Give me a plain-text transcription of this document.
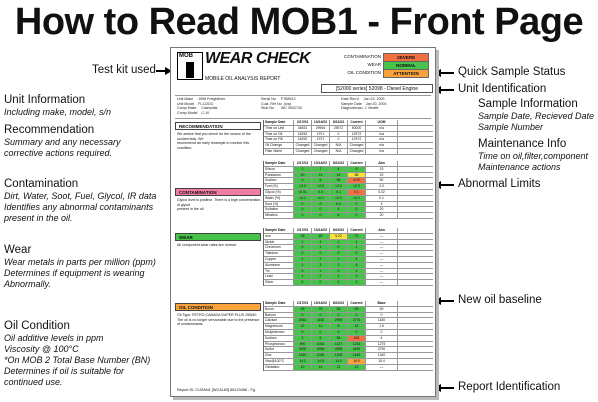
How to Read MOB1 - Front Page
Test kit used
Unit Information
Including make, model, s/n
Recommendation
Summary and any necessary
corrective actions required.
Contamination
Dirt, Water, Soot, Fuel, Glycol, IR data
Identifies any abnormal contaminants
present in the oil.
Wear
Wear metals in parts per million (ppm)
Determines if equipment is wearing
Abnormally.
Oil Condition
Oil additive levels in ppm
Viscosity @ 100°C
*On MOB 2 Total Base Number (BN)
Determines if oil is suitable for
continued use.
Quick Sample Status
Unit Identification
Sample Information
Sample Date, Recieved Date
Sample Number
Maintenance Info
Time on oil,filter,component
Maintenance actions
Abnormal Limits
New oil baseline
Report Identification
MOB WEAR CHECK
MOBILE OIL ANALYSIS REPORT
CONTAMINATION	SEVERE
WEAR	NORMAL
OIL CONDITION	ATTENTION
[52000 series] 52098 - Diesel Engine
Unit Make     1998 Freightliner
Unit Model    FL112DC
Comp Make     Caterpillar
Comp Model    C-10
Serial No     FTB8913
Cust. Ref No  (n/a)
Stub No       WC 0002740
Date Rec'd     Jan 23, 2003
Sample Date    Jan 20, 2003
Diagnostician  J. Mraffe
RECOMMENDATION
We advise that you check for the source of the coolant leak. We
recommend an early resample to monitor this condition.
CONTAMINATION
Glycol level is positive. There is a high concentration of glycol
present in the oil.
WEAR
All component wear rates are normal.
OIL CONDITION
Oil Type: PETRO CANADA SUPER PLUS 15W40
The oil is no longer serviceable due to the presence of contaminants.
Sample Date	2/17/03	10/14/02	8/21/02	Current	UOM
Time on Unit	34651	29964	25972	50000	n/a
Time on Oil	16252	1971	0	12972	n/a
Time on Filt	16252	1971	0	12972	n/a
Oil Change	Changed	Changed	N/A	Changed	n/a
Filter Maint	Changed	Changed	N/A	Changed	n/a
Sample Date	2/17/03	10/14/02	8/21/02	Current	Abn
Silicon	2	7	4	9	15
Potassium	20	21	15	88	20
Sodium	3	6	56	4.00	50
Fuel (%)	<2.0	<2.0	<2.0	<2.0	2.0
Glycol (%)	<0.01	0.0	0.1	0.1	0.02
Water (%)	<0.1	<0.1	<0.1	<0.1	0.1
Soot (%)	0	0	0.2	0	3
Sulfation	0	0	4	0	20
Nitration	0	0	6	0	20
Sample Date	2/17/03	10/14/02	8/21/02	Current	Abn
Iron	25	60	5.22	72	—
Nickel	1	1	1	1	—
Chromium	0	1	0	1	—
Titanium	0	0	0	0	—
Copper	1	2	1	4	—
Aluminum	1	3	2	5	—
Tin	0	1	0	1	—
Lead	1	2	1	3	—
Silver	0	0	0	0	—
Sample Date	2/17/03	10/14/02	8/21/02	Current	Base
Boron	49	78	63	59	69
Barium	0	0	0	0	0
Calcium	2846	3150	2996	3774	1180
Magnesium	12	11	8	12	1.6
Molybdenum	0	0	0	0	0
Sodium	3	6	56	400	4
Phosphorous	990	1034	1127	1233	1275
Sulfur	3199	4036	4398	4649	3790
Zinc	1150	1245	1209	1449	1340
Visc@100°C	14.2	14.6	14.0	16.9	15.4
Oxidation	10	10	12	13	—
Report ID: CUSAN1 [WCAL63] 66123456 - Fg
